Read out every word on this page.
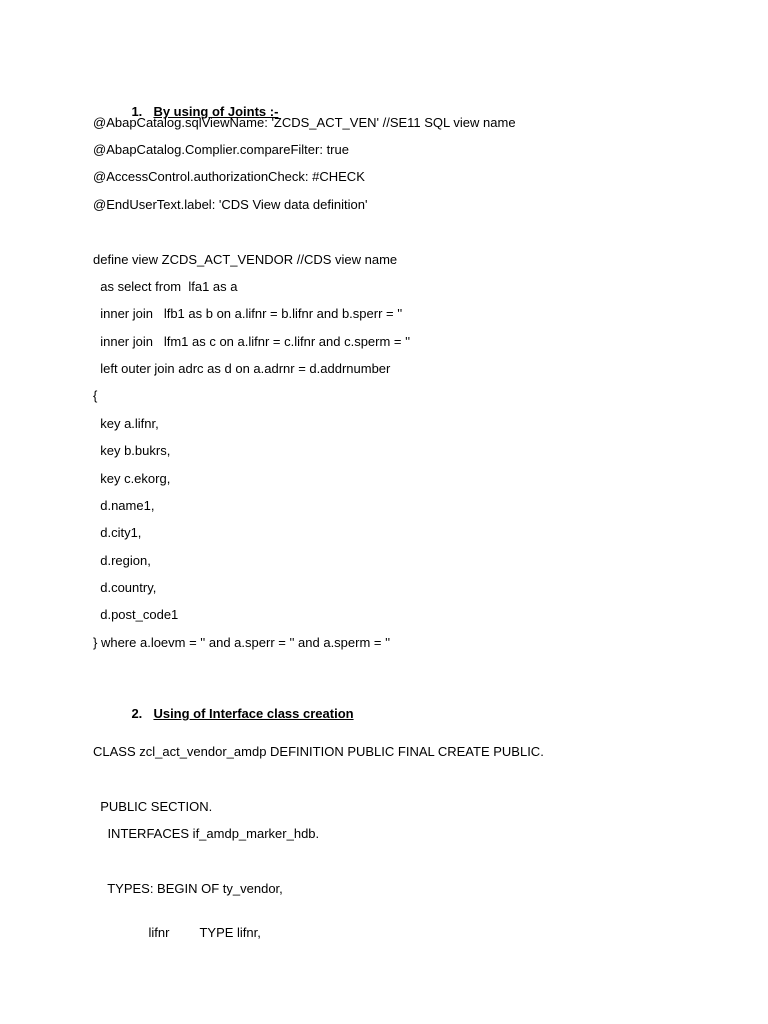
1. By using of Joints :-

@AbapCatalog.sqlViewName: 'ZCDS_ACT_VEN' //SE11 SQL view name
@AbapCatalog.Complier.compareFilter: true
@AccessControl.authorizationCheck: #CHECK
@EndUserText.label: 'CDS View data definition'
define view ZCDS_ACT_VENDOR //CDS view name
as select from  lfa1 as a
inner join   lfb1 as b on a.lifnr = b.lifnr and b.sperr = ''
inner join   lfm1 as c on a.lifnr = c.lifnr and c.sperm = ''
left outer join adrc as d on a.adrnr = d.addrnumber
{
key a.lifnr,
key b.bukrs,
key c.ekorg,
d.name1,
d.city1,
d.region,
d.country,
d.post_code1
} where a.loevm = '' and a.sperr = '' and a.sperm = ''

2. Using of Interface class creation

CLASS zcl_act_vendor_amdp DEFINITION PUBLIC FINAL CREATE PUBLIC.
PUBLIC SECTION.
INTERFACES if_amdp_marker_hdb.
TYPES: BEGIN OF ty_vendor,

lifnr TYPE lifnr,
